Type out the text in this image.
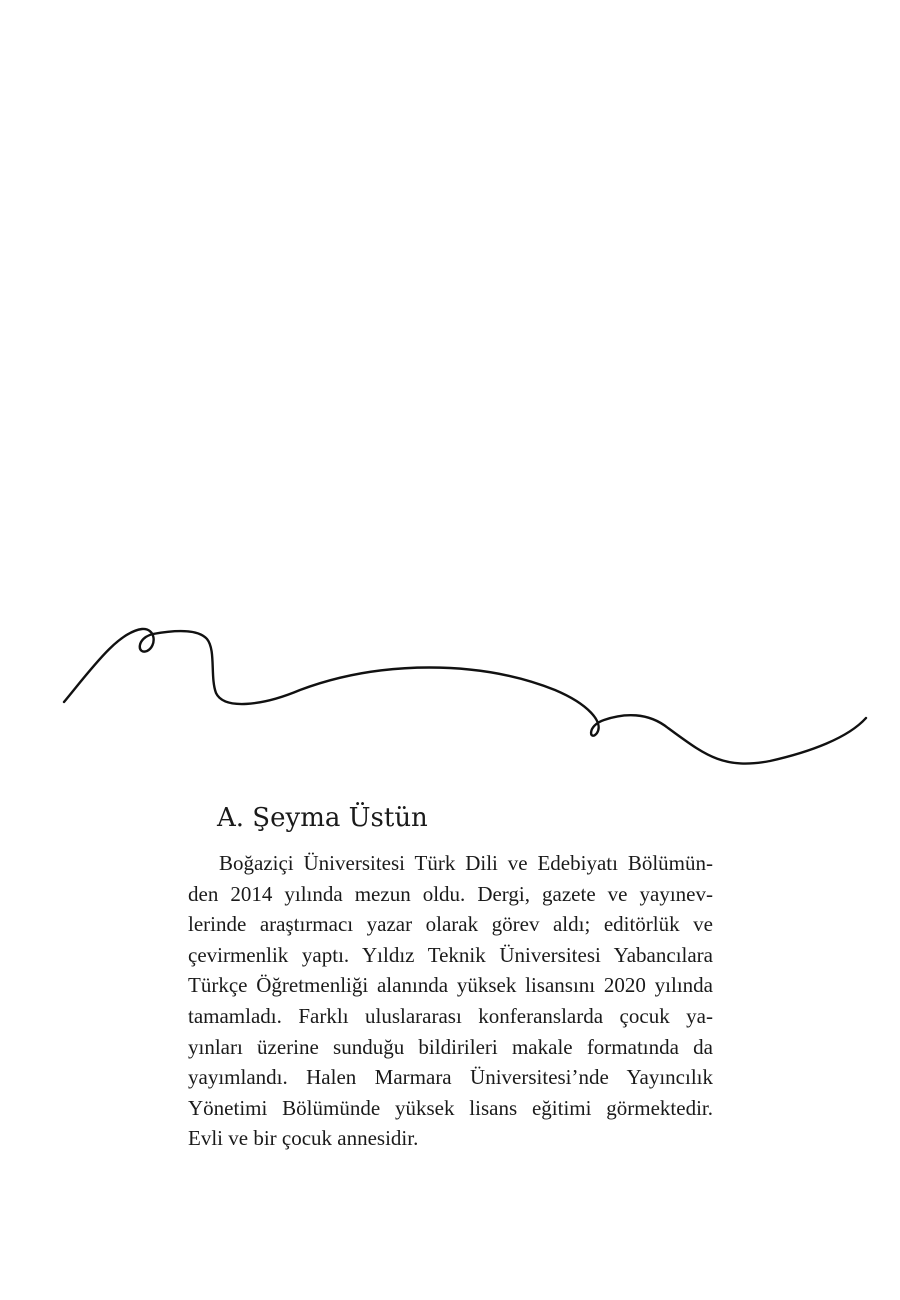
A. Şeyma Üstün
Boğaziçi Üniversitesi Türk Dili ve Edebiyatı Bölümün-
den 2014 yılında mezun oldu. Dergi, gazete ve yayınev-
lerinde araştırmacı yazar olarak görev aldı; editörlük ve
çevirmenlik yaptı. Yıldız Teknik Üniversitesi Yabancılara
Türkçe Öğretmenliği alanında yüksek lisansını 2020 yılında
tamamladı. Farklı uluslararası konferanslarda çocuk ya-
yınları üzerine sunduğu bildirileri makale formatında da
yayımlandı. Halen Marmara Üniversitesi’nde Yayıncılık
Yönetimi Bölümünde yüksek lisans eğitimi görmektedir.
Evli ve bir çocuk annesidir.
